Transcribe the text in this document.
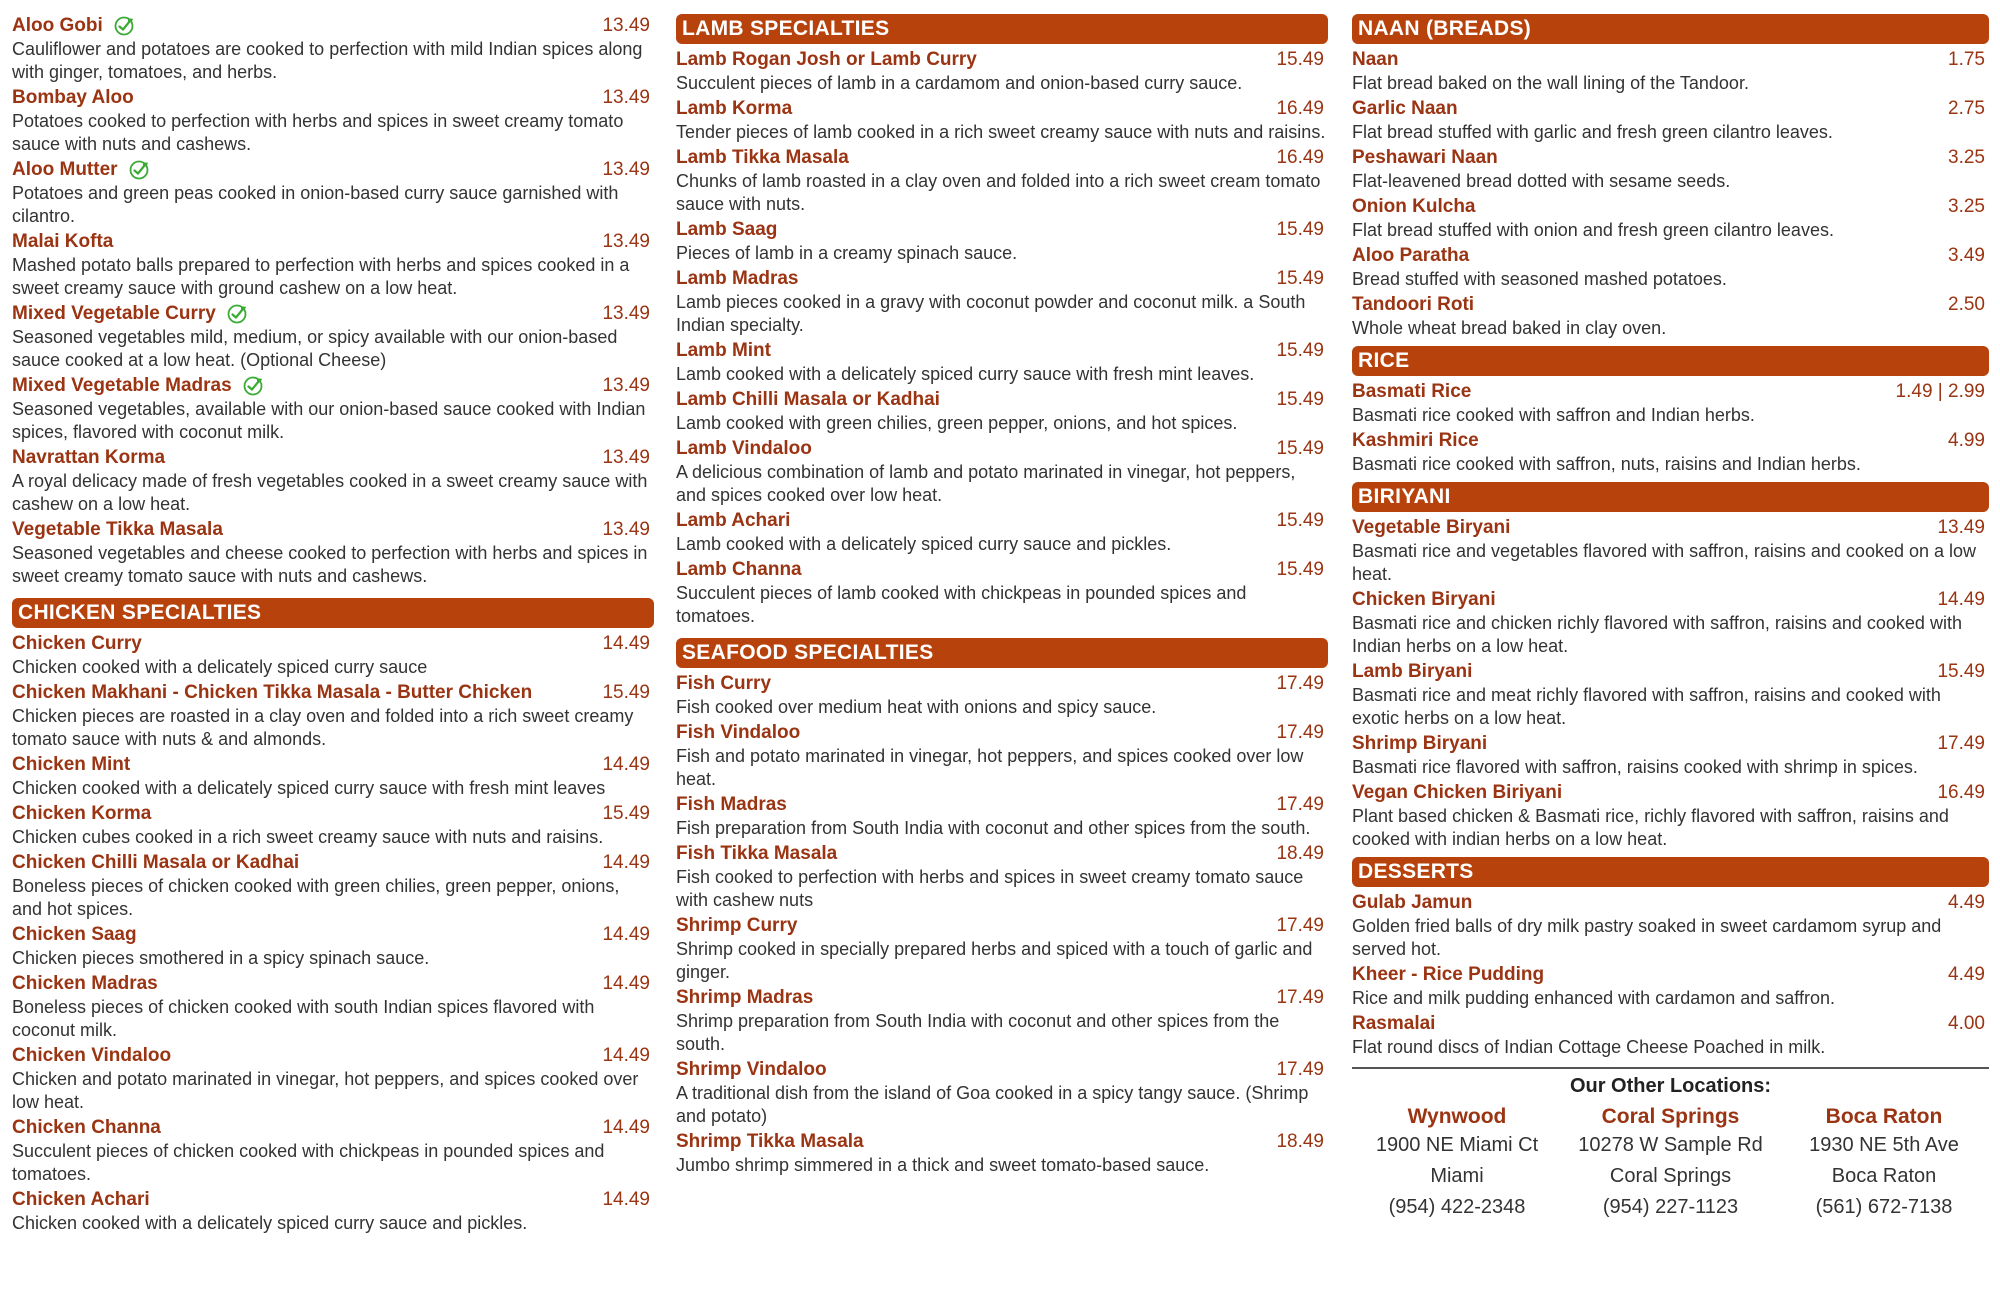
Aloo Gobi	13.49
Cauliflower and potatoes are cooked to perfection with mild Indian spices along with ginger, tomatoes, and herbs.
Bombay Aloo	13.49
Potatoes cooked to perfection with herbs and spices in sweet creamy tomato sauce with nuts and cashews.
Aloo Mutter	13.49
Potatoes and green peas cooked in onion-based curry sauce garnished with cilantro.
Malai Kofta	13.49
Mashed potato balls prepared to perfection with herbs and spices cooked in a sweet creamy sauce with ground cashew on a low heat.
Mixed Vegetable Curry	13.49
Seasoned vegetables mild, medium, or spicy available with our onion-based sauce cooked at a low heat. (Optional Cheese)
Mixed Vegetable Madras	13.49
Seasoned vegetables, available with our onion-based sauce cooked with Indian spices, flavored with coconut milk.
Navrattan Korma	13.49
A royal delicacy made of fresh vegetables cooked in a sweet creamy sauce with cashew on a low heat.
Vegetable Tikka Masala	13.49
Seasoned vegetables and cheese cooked to perfection with herbs and spices in sweet creamy tomato sauce with nuts and cashews.
CHICKEN SPECIALTIES
Chicken Curry	14.49
Chicken cooked with a delicately spiced curry sauce
Chicken Makhani - Chicken Tikka Masala - Butter Chicken	15.49
Chicken pieces are roasted in a clay oven and folded into a rich sweet creamy tomato sauce with nuts & and almonds.
Chicken Mint	14.49
Chicken cooked with a delicately spiced curry sauce with fresh mint leaves
Chicken Korma	15.49
Chicken cubes cooked in a rich sweet creamy sauce with nuts and raisins.
Chicken Chilli Masala or Kadhai	14.49
Boneless pieces of chicken cooked with green chilies, green pepper, onions, and hot spices.
Chicken Saag	14.49
Chicken pieces smothered in a spicy spinach sauce.
Chicken Madras	14.49
Boneless pieces of chicken cooked with south Indian spices flavored with coconut milk.
Chicken Vindaloo	14.49
Chicken and potato marinated in vinegar, hot peppers, and spices cooked over low heat.
Chicken Channa	14.49
Succulent pieces of chicken cooked with chickpeas in pounded spices and tomatoes.
Chicken Achari	14.49
Chicken cooked with a delicately spiced curry sauce and pickles.
LAMB SPECIALTIES
Lamb Rogan Josh or Lamb Curry	15.49
Succulent pieces of lamb in a cardamom and onion-based curry sauce.
Lamb Korma	16.49
Tender pieces of lamb cooked in a rich sweet creamy sauce with nuts and raisins.
Lamb Tikka Masala	16.49
Chunks of lamb roasted in a clay oven and folded into a rich sweet cream tomato sauce with nuts.
Lamb Saag	15.49
Pieces of lamb in a creamy spinach sauce.
Lamb Madras	15.49
Lamb pieces cooked in a gravy with coconut powder and coconut milk. a South Indian specialty.
Lamb Mint	15.49
Lamb cooked with a delicately spiced curry sauce with fresh mint leaves.
Lamb Chilli Masala or Kadhai	15.49
Lamb cooked with green chilies, green pepper, onions, and hot spices.
Lamb Vindaloo	15.49
A delicious combination of lamb and potato marinated in vinegar, hot peppers, and spices cooked over low heat.
Lamb Achari	15.49
Lamb cooked with a delicately spiced curry sauce and pickles.
Lamb Channa	15.49
Succulent pieces of lamb cooked with chickpeas in pounded spices and tomatoes.
SEAFOOD SPECIALTIES
Fish Curry	17.49
Fish cooked over medium heat with onions and spicy sauce.
Fish Vindaloo	17.49
Fish and potato marinated in vinegar, hot peppers, and spices cooked over low heat.
Fish Madras	17.49
Fish preparation from South India with coconut and other spices from the south.
Fish Tikka Masala	18.49
Fish cooked to perfection with herbs and spices in sweet creamy tomato sauce with cashew nuts
Shrimp Curry	17.49
Shrimp cooked in specially prepared herbs and spiced with a touch of garlic and ginger.
Shrimp Madras	17.49
Shrimp preparation from South India with coconut and other spices from the south.
Shrimp Vindaloo	17.49
A traditional dish from the island of Goa cooked in a spicy tangy sauce. (Shrimp and potato)
Shrimp Tikka Masala	18.49
Jumbo shrimp simmered in a thick and sweet tomato-based sauce.
NAAN (BREADS)
Naan	1.75
Flat bread baked on the wall lining of the Tandoor.
Garlic Naan	2.75
Flat bread stuffed with garlic and fresh green cilantro leaves.
Peshawari Naan	3.25
Flat-leavened bread dotted with sesame seeds.
Onion Kulcha	3.25
Flat bread stuffed with onion and fresh green cilantro leaves.
Aloo Paratha	3.49
Bread stuffed with seasoned mashed potatoes.
Tandoori Roti	2.50
Whole wheat bread baked in clay oven.
RICE
Basmati Rice	1.49 | 2.99
Basmati rice cooked with saffron and Indian herbs.
Kashmiri Rice	4.99
Basmati rice cooked with saffron, nuts, raisins and Indian herbs.
BIRIYANI
Vegetable Biryani	13.49
Basmati rice and vegetables flavored with saffron, raisins and cooked on a low heat.
Chicken Biryani	14.49
Basmati rice and chicken richly flavored with saffron, raisins and cooked with Indian herbs on a low heat.
Lamb Biryani	15.49
Basmati rice and meat richly flavored with saffron, raisins and cooked with exotic herbs on a low heat.
Shrimp Biryani	17.49
Basmati rice flavored with saffron, raisins cooked with shrimp in spices.
Vegan Chicken Biriyani	16.49
Plant based chicken & Basmati rice, richly flavored with saffron, raisins and cooked with indian herbs on a low heat.
DESSERTS
Gulab Jamun	4.49
Golden fried balls of dry milk pastry soaked in sweet cardamom syrup and served hot.
Kheer - Rice Pudding	4.49
Rice and milk pudding enhanced with cardamon and saffron.
Rasmalai	4.00
Flat round discs of Indian Cottage Cheese Poached in milk.
Our Other Locations:
Wynwood
1900 NE Miami Ct
Miami
(954) 422-2348
Coral Springs
10278 W Sample Rd
Coral Springs
(954) 227-1123
Boca Raton
1930 NE 5th Ave
Boca Raton
(561) 672-7138
